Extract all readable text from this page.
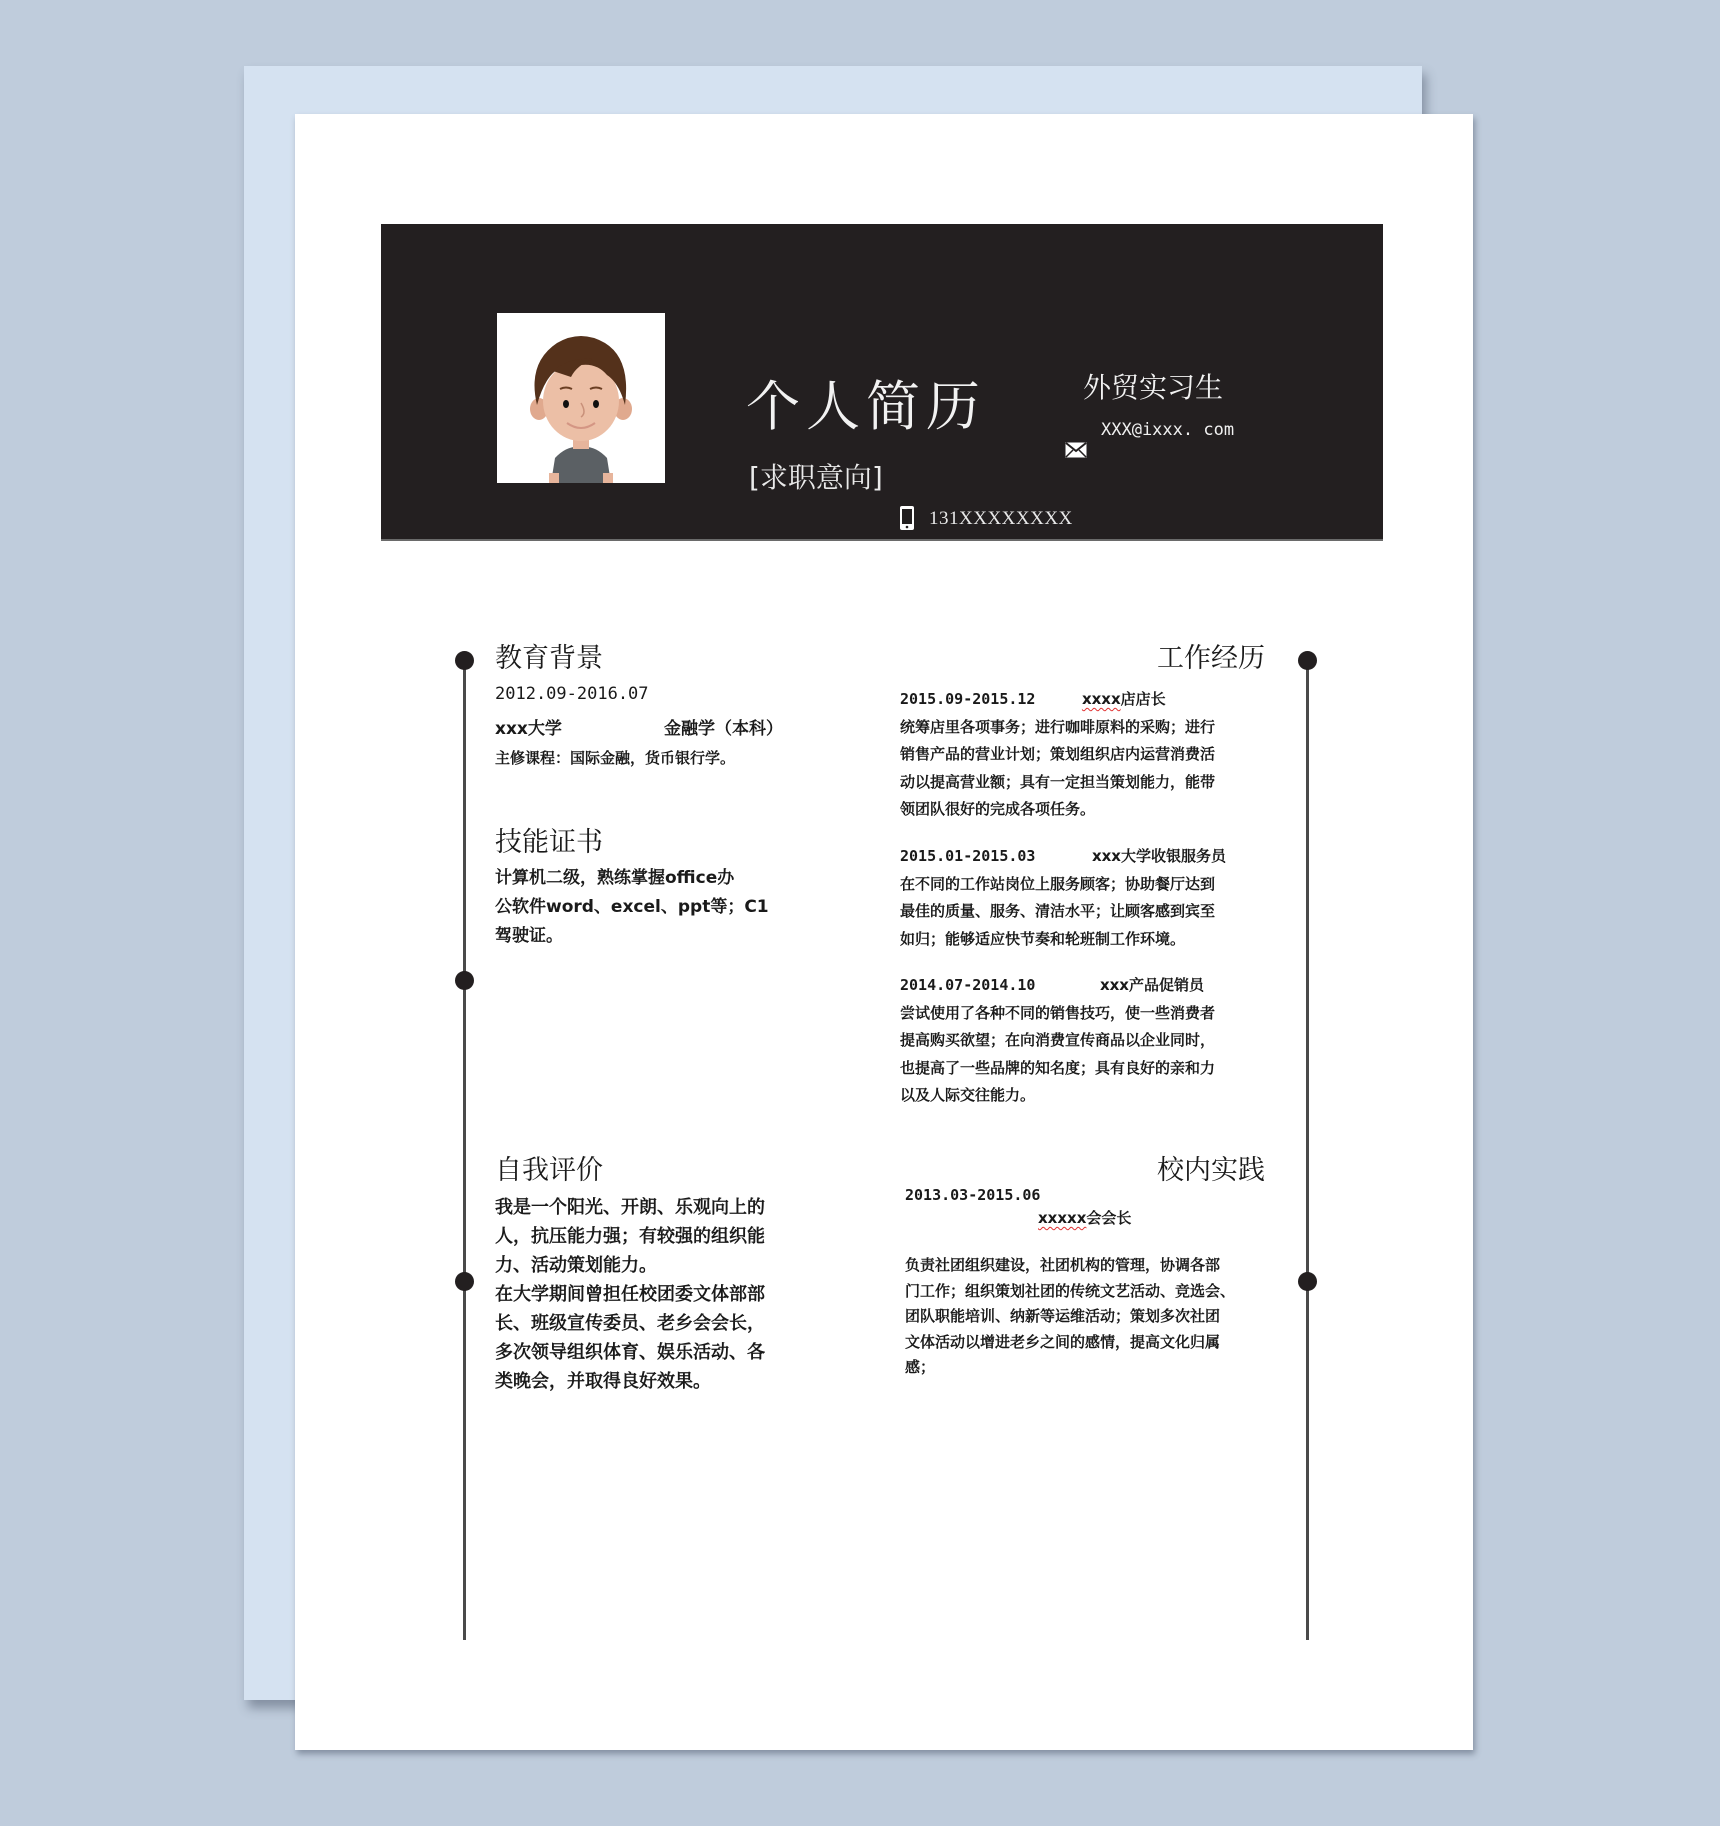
个人简历
[求职意向]
外贸实习生
XXX@ixxx. com
131XXXXXXXX
教育背景
2012.09-2016.07
xxx大学	金融学（本科）
主修课程：国际金融，货币银行学。
技能证书
计算机二级，熟练掌握office办
公软件word、excel、ppt等；C1
驾驶证。
自我评价
我是一个阳光、开朗、乐观向上的
人，抗压能力强；有较强的组织能
力、活动策划能力。
在大学期间曾担任校团委文体部部
长、班级宣传委员、老乡会会长，
多次领导组织体育、娱乐活动、各
类晚会，并取得良好效果。
工作经历
2015.09-2015.12	xxxx店店长
统筹店里各项事务；进行咖啡原料的采购；进行
销售产品的营业计划；策划组织店内运营消费活
动以提高营业额；具有一定担当策划能力，能带
领团队很好的完成各项任务。
2015.01-2015.03	xxx大学收银服务员
在不同的工作站岗位上服务顾客；协助餐厅达到
最佳的质量、服务、清洁水平；让顾客感到宾至
如归；能够适应快节奏和轮班制工作环境。
2014.07-2014.10	xxx产品促销员
尝试使用了各种不同的销售技巧，使一些消费者
提高购买欲望；在向消费宣传商品以企业同时，
也提高了一些品牌的知名度；具有良好的亲和力
以及人际交往能力。
校内实践
2013.03-2015.06
xxxxx会会长
负责社团组织建设，社团机构的管理，协调各部
门工作；组织策划社团的传统文艺活动、竞选会、
团队职能培训、纳新等运维活动；策划多次社团
文体活动以增进老乡之间的感情，提高文化归属
感；
